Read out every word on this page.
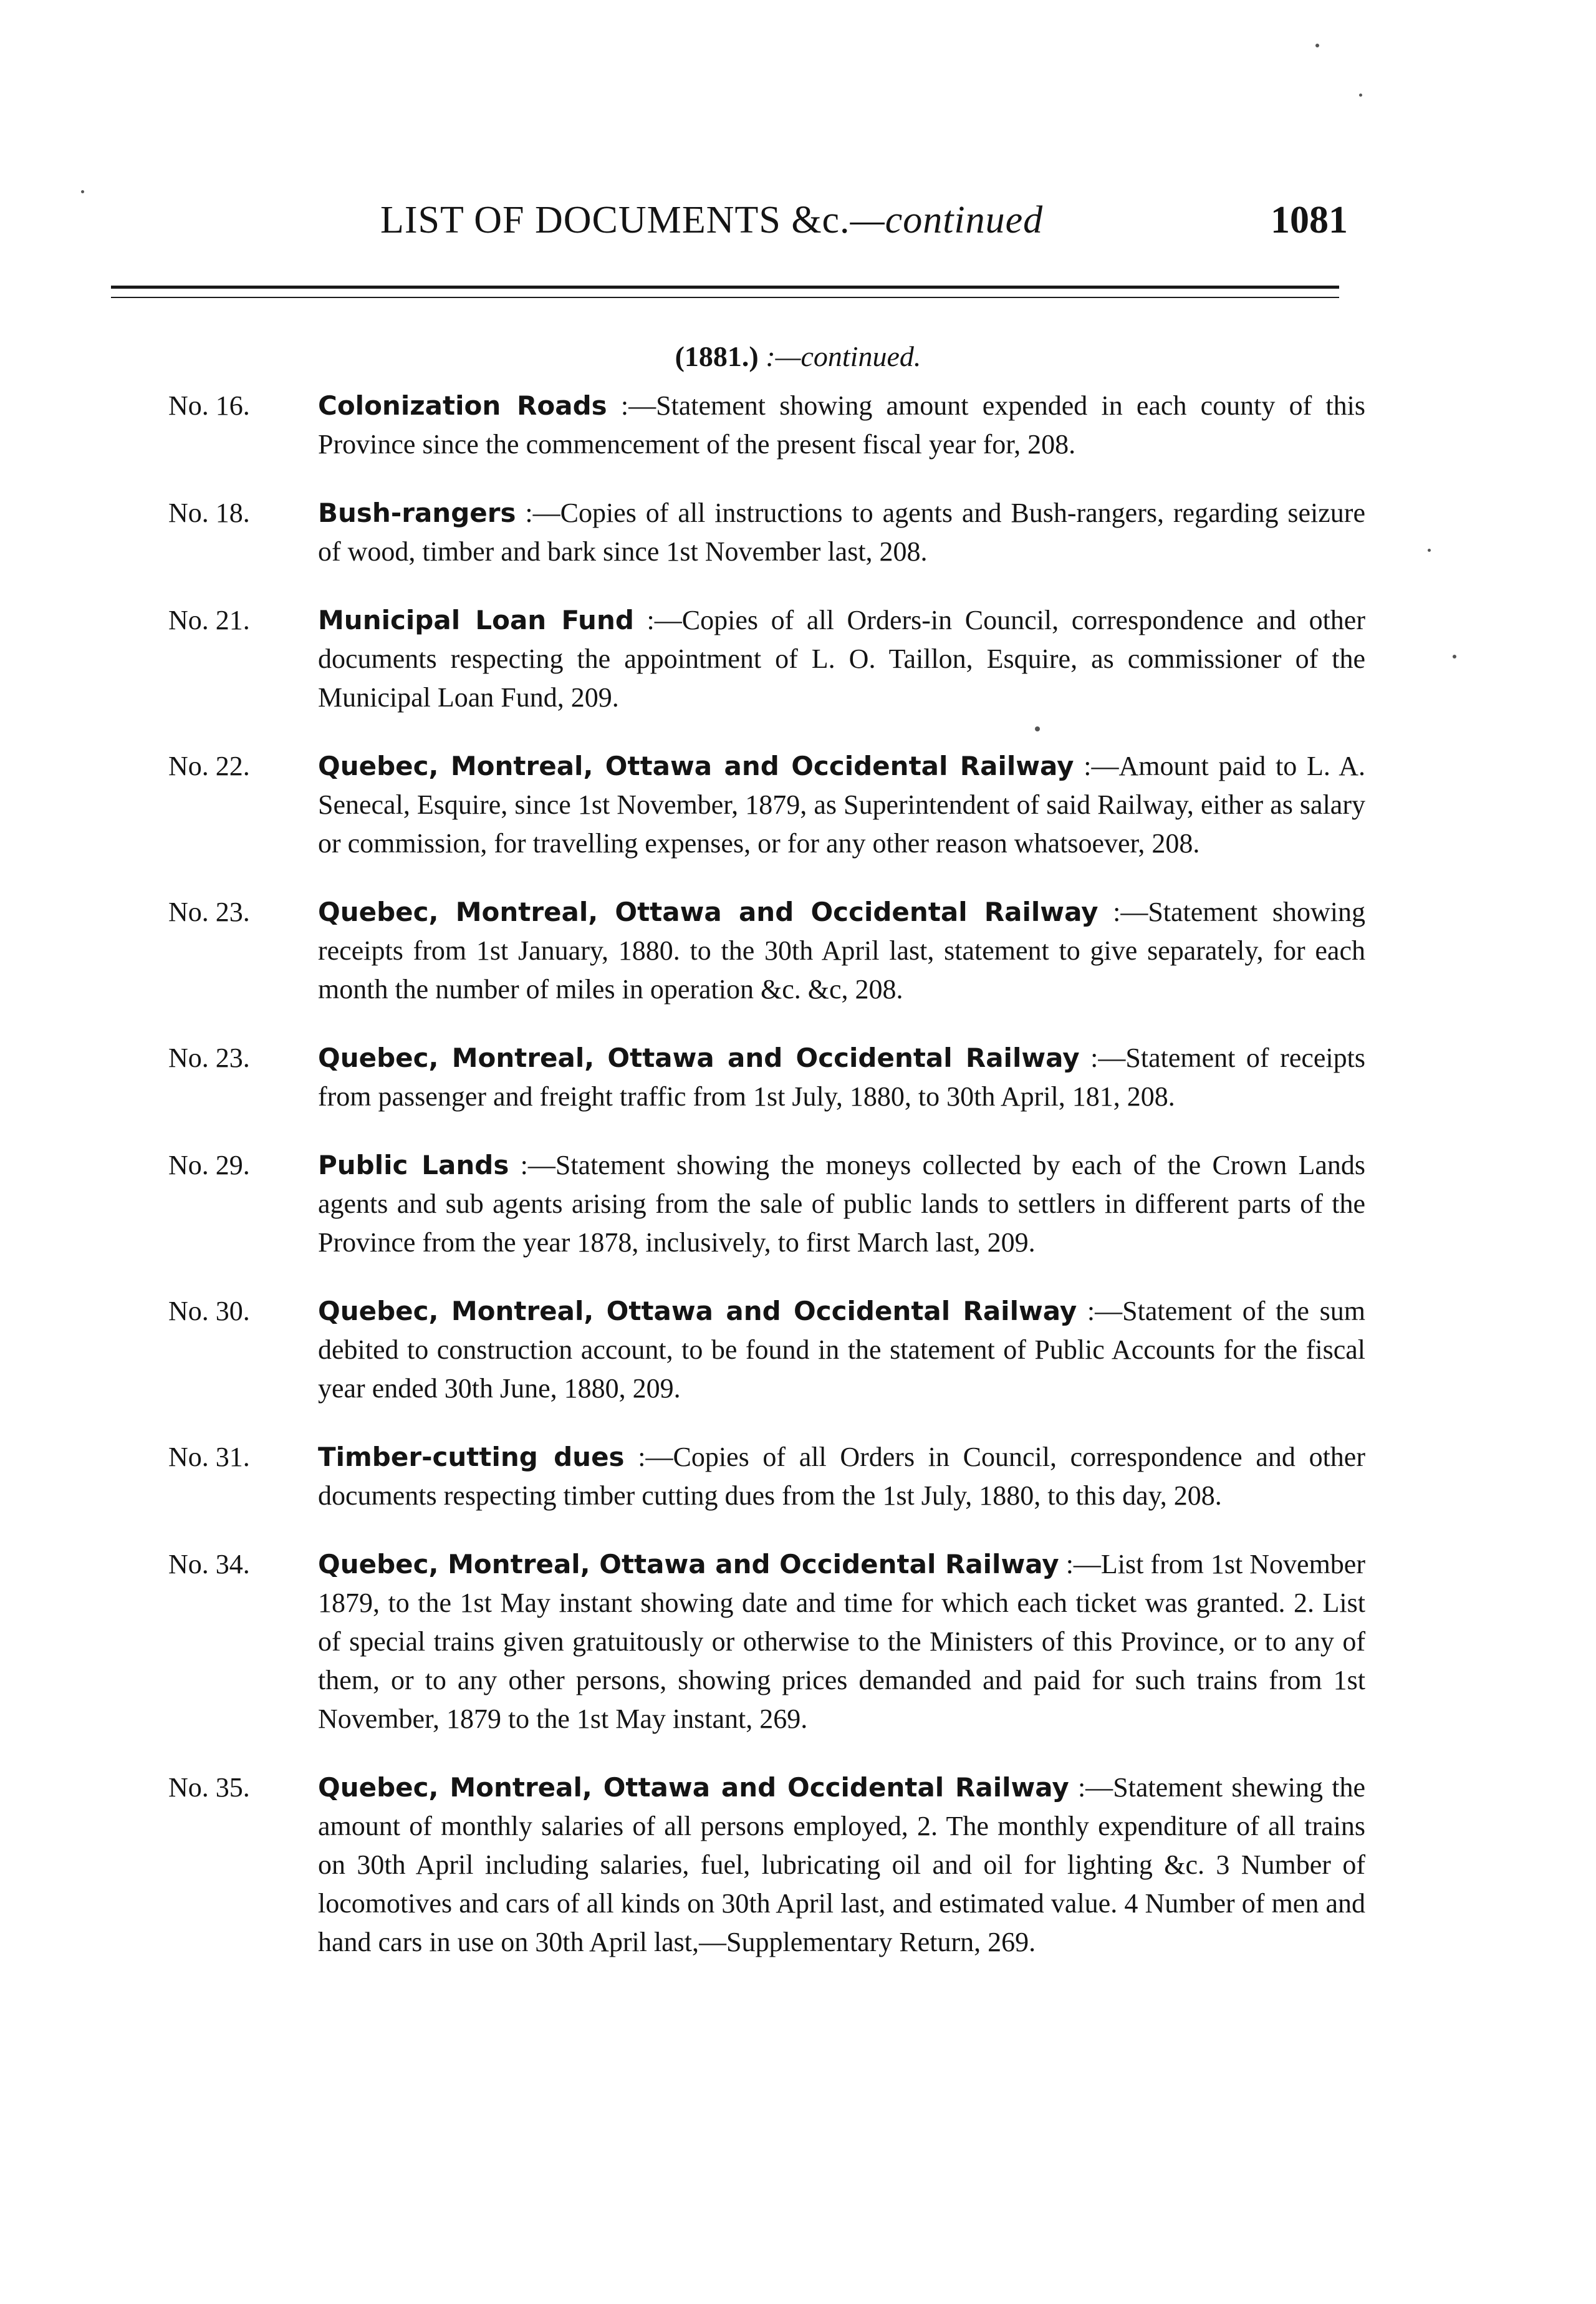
LIST OF DOCUMENTS &c.—continued	1081
(1881.) :—continued.
No. 16.	Colonization Roads :—Statement showing amount expended in each county of this Province since the commencement of the present fiscal year for, 208.
No. 18.	Bush-rangers :—Copies of all instructions to agents and Bush-rangers, regarding seizure of wood, timber and bark since 1st November last, 208.
No. 21.	Municipal Loan Fund :—Copies of all Orders-in Council, correspondence and other documents respecting the appointment of L. O. Taillon, Esquire, as commissioner of the Municipal Loan Fund, 209.
No. 22.	Quebec, Montreal, Ottawa and Occidental Railway :—Amount paid to L. A. Senecal, Esquire, since 1st November, 1879, as Superintendent of said Railway, either as salary or commission, for travelling expenses, or for any other reason whatsoever, 208.
No. 23.	Quebec, Montreal, Ottawa and Occidental Railway :—Statement showing receipts from 1st January, 1880. to the 30th April last, statement to give separately, for each month the number of miles in operation &c. &c, 208.
No. 23.	Quebec, Montreal, Ottawa and Occidental Railway :—Statement of receipts from passenger and freight traffic from 1st July, 1880, to 30th April, 181, 208.
No. 29.	Public Lands :—Statement showing the moneys collected by each of the Crown Lands agents and sub agents arising from the sale of public lands to settlers in different parts of the Province from the year 1878, inclusively, to first March last, 209.
No. 30.	Quebec, Montreal, Ottawa and Occidental Railway :—Statement of the sum debited to construction account, to be found in the statement of Public Accounts for the fiscal year ended 30th June, 1880, 209.
No. 31.	Timber-cutting dues :—Copies of all Orders in Council, correspondence and other documents respecting timber cutting dues from the 1st July, 1880, to this day, 208.
No. 34.	Quebec, Montreal, Ottawa and Occidental Railway :—List from 1st November 1879, to the 1st May instant showing date and time for which each ticket was granted. 2. List of special trains given gratuitously or otherwise to the Ministers of this Province, or to any of them, or to any other persons, showing prices demanded and paid for such trains from 1st November, 1879 to the 1st May instant, 269.
No. 35.	Quebec, Montreal, Ottawa and Occidental Railway :—Statement shewing the amount of monthly salaries of all persons employed, 2. The monthly expenditure of all trains on 30th April including salaries, fuel, lubricating oil and oil for lighting &c. 3 Number of locomotives and cars of all kinds on 30th April last, and estimated value. 4 Number of men and hand cars in use on 30th April last,—Supplementary Return, 269.
